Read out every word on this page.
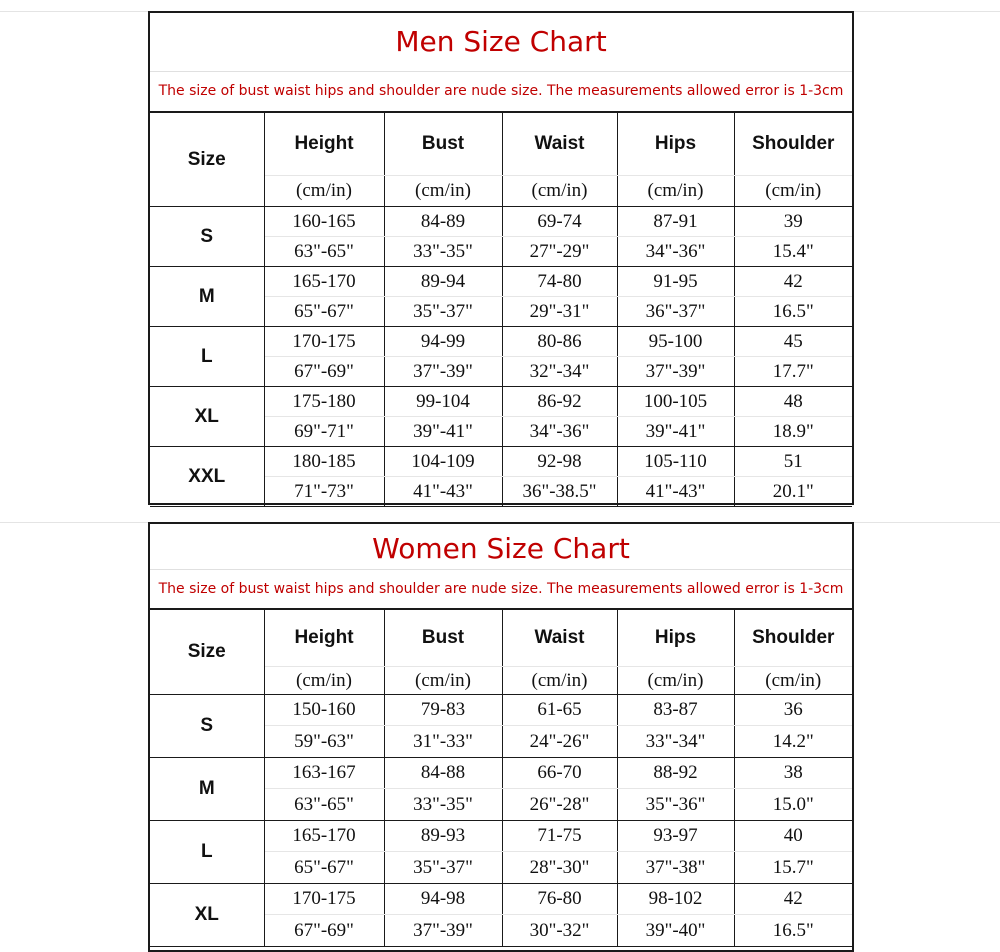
Men Size Chart
The size of bust waist hips and shoulder are nude size. The measurements allowed error is 1-3cm
Size	Height	Bust	Waist	Hips	Shoulder
	(cm/in)	(cm/in)	(cm/in)	(cm/in)	(cm/in)
S	160-165	84-89	69-74	87-91	39
	63"-65"	33"-35"	27"-29"	34"-36"	15.4"
M	165-170	89-94	74-80	91-95	42
	65"-67"	35"-37"	29"-31"	36"-37"	16.5"
L	170-175	94-99	80-86	95-100	45
	67"-69"	37"-39"	32"-34"	37"-39"	17.7"
XL	175-180	99-104	86-92	100-105	48
	69"-71"	39"-41"	34"-36"	39"-41"	18.9"
XXL	180-185	104-109	92-98	105-110	51
	71"-73"	41"-43"	36"-38.5"	41"-43"	20.1"
Women Size Chart
The size of bust waist hips and shoulder are nude size. The measurements allowed error is 1-3cm
Size	Height	Bust	Waist	Hips	Shoulder
	(cm/in)	(cm/in)	(cm/in)	(cm/in)	(cm/in)
S	150-160	79-83	61-65	83-87	36
	59"-63"	31"-33"	24"-26"	33"-34"	14.2"
M	163-167	84-88	66-70	88-92	38
	63"-65"	33"-35"	26"-28"	35"-36"	15.0"
L	165-170	89-93	71-75	93-97	40
	65"-67"	35"-37"	28"-30"	37"-38"	15.7"
XL	170-175	94-98	76-80	98-102	42
	67"-69"	37"-39"	30"-32"	39"-40"	16.5"
